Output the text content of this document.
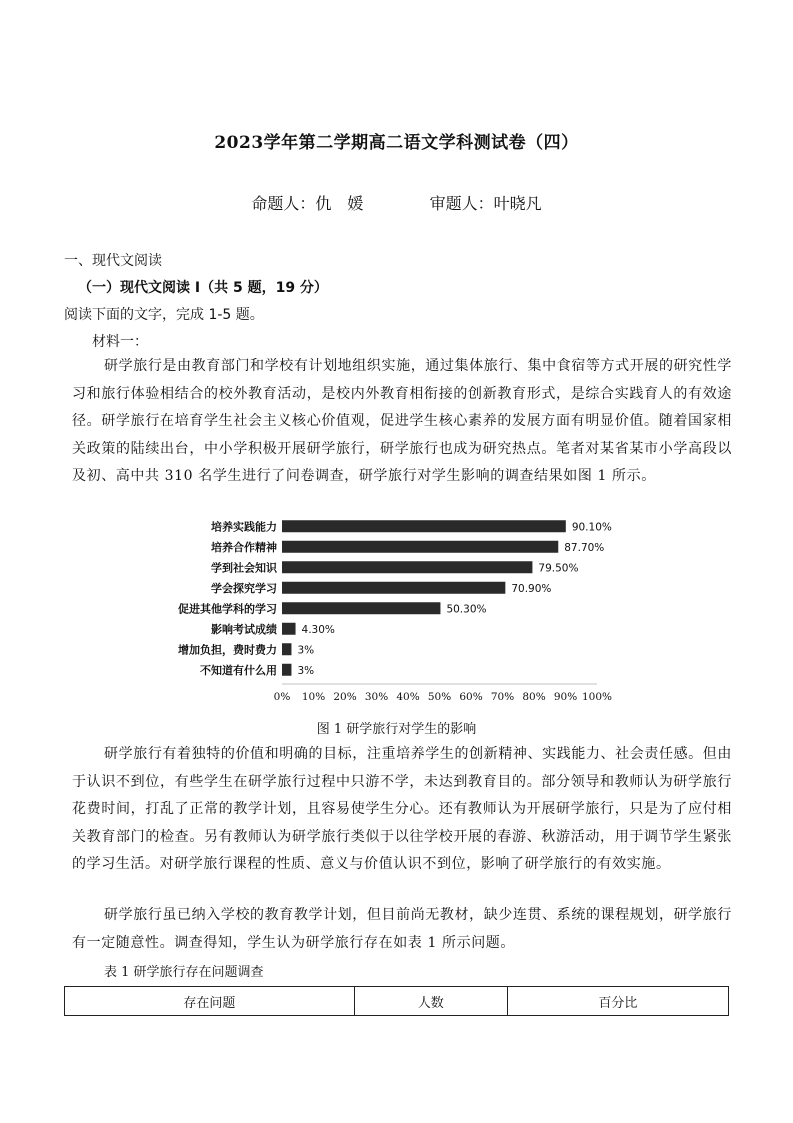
2023学年第二学期高二语文学科测试卷（四）
命题人：仇　媛	审题人：叶晓凡
一、现代文阅读
（一）现代文阅读 I（共 5 题，19 分）
阅读下面的文字，完成 1-5 题。
材料一：
研学旅行是由教育部门和学校有计划地组织实施，通过集体旅行、集中食宿等方式开展的研究性学习和旅行体验相结合的校外教育活动，是校内外教育相衔接的创新教育形式，是综合实践育人的有效途径。研学旅行在培育学生社会主义核心价值观，促进学生核心素养的发展方面有明显价值。随着国家相关政策的陆续出台，中小学积极开展研学旅行，研学旅行也成为研究热点。笔者对某省某市小学高段以及初、高中共 310 名学生进行了问卷调查，研学旅行对学生影响的调查结果如图 1 所示。
培养实践能力	90.10%
培养合作精神	87.70%
学到社会知识	79.50%
学会探究学习	70.90%
促进其他学科的学习	50.30%
影响考试成绩 4.30%
增加负担，费时费力 3%
不知道有什么用 3%
0% 10% 20% 30% 40% 50% 60% 70% 80% 90% 100%
图 1 研学旅行对学生的影响
研学旅行有着独特的价值和明确的目标，注重培养学生的创新精神、实践能力、社会责任感。但由于认识不到位，有些学生在研学旅行过程中只游不学，未达到教育目的。部分领导和教师认为研学旅行花费时间，打乱了正常的教学计划，且容易使学生分心。还有教师认为开展研学旅行，只是为了应付相关教育部门的检查。另有教师认为研学旅行类似于以往学校开展的春游、秋游活动，用于调节学生紧张的学习生活。对研学旅行课程的性质、意义与价值认识不到位，影响了研学旅行的有效实施。
研学旅行虽已纳入学校的教育教学计划，但目前尚无教材，缺少连贯、系统的课程规划，研学旅行有一定随意性。调查得知，学生认为研学旅行存在如表 1 所示问题。
表 1 研学旅行存在问题调查
存在问题	人数	百分比
